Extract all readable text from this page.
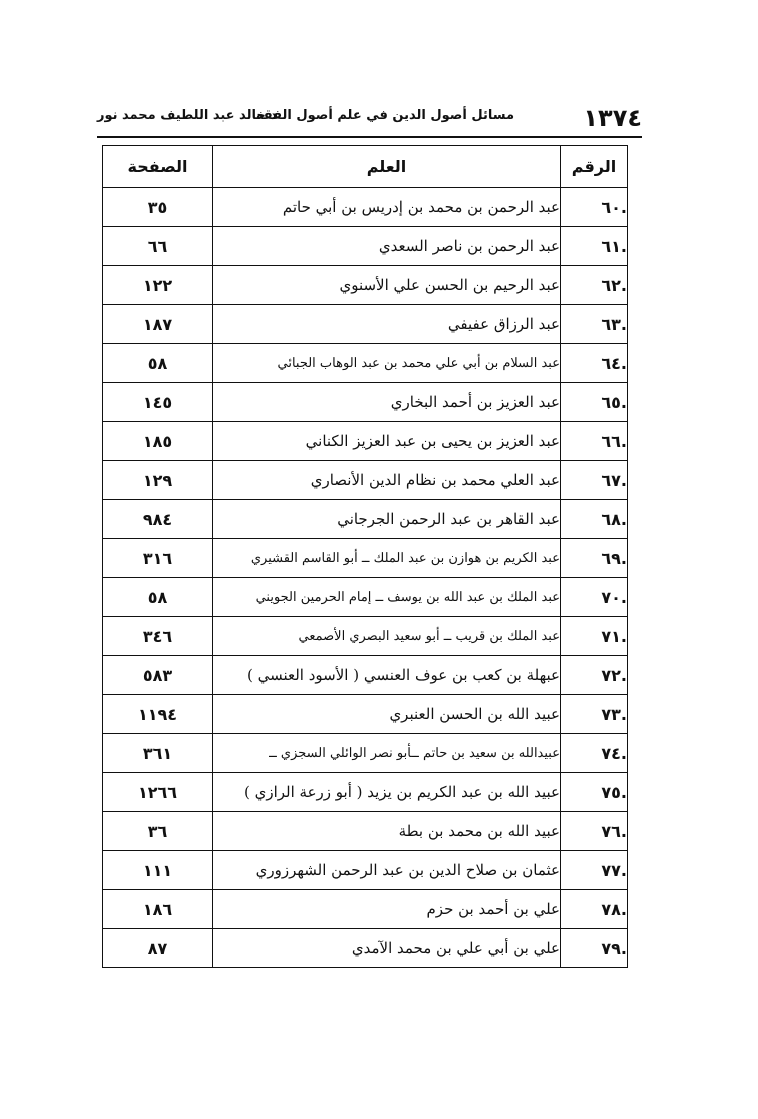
١٣٧٤
مسائل أصول الدين في علم أصول الفقه
د خالد عبد اللطيف محمد نور
الرقم	العلم	الصفحة
.٦٠	عبد الرحمن بن محمد بن إدريس بن أبي حاتم	٣٥
.٦١	عبد الرحمن بن ناصر السعدي	٦٦
.٦٢	عبد الرحيم بن الحسن علي الأسنوي	١٢٢
.٦٣	عبد الرزاق عفيفي	١٨٧
.٦٤	عبد السلام بن أبي علي محمد بن عبد الوهاب الجبائي	٥٨
.٦٥	عبد العزيز بن أحمد البخاري	١٤٥
.٦٦	عبد العزيز بن يحيى بن عبد العزيز الكناني	١٨٥
.٦٧	عبد العلي محمد بن نظام الدين الأنصاري	١٢٩
.٦٨	عبد القاهر بن عبد الرحمن الجرجاني	٩٨٤
.٦٩	عبد الكريم بن هوازن بن عبد الملك ــ أبو القاسم القشيري	٣١٦
.٧٠	عبد الملك بن عبد الله بن يوسف ــ إمام الحرمين الجويني	٥٨
.٧١	عبد الملك بن قريب ــ أبو سعيد البصري الأصمعي	٣٤٦
.٧٢	عبهلة بن كعب بن عوف العنسي ( الأسود العنسي )	٥٨٣
.٧٣	عبيد الله بن الحسن العنبري	١١٩٤
.٧٤	عبيدالله بن سعيد بن حاتم ــأبو نصر الوائلي السجزي ــ	٣٦١
.٧٥	عبيد الله بن عبد الكريم بن يزيد ( أبو زرعة الرازي )	١٢٦٦
.٧٦	عبيد الله بن محمد بن بطة	٣٦
.٧٧	عثمان بن صلاح الدين بن عبد الرحمن الشهرزوري	١١١
.٧٨	علي بن أحمد بن حزم	١٨٦
.٧٩	علي بن أبي علي بن محمد الآمدي	٨٧
